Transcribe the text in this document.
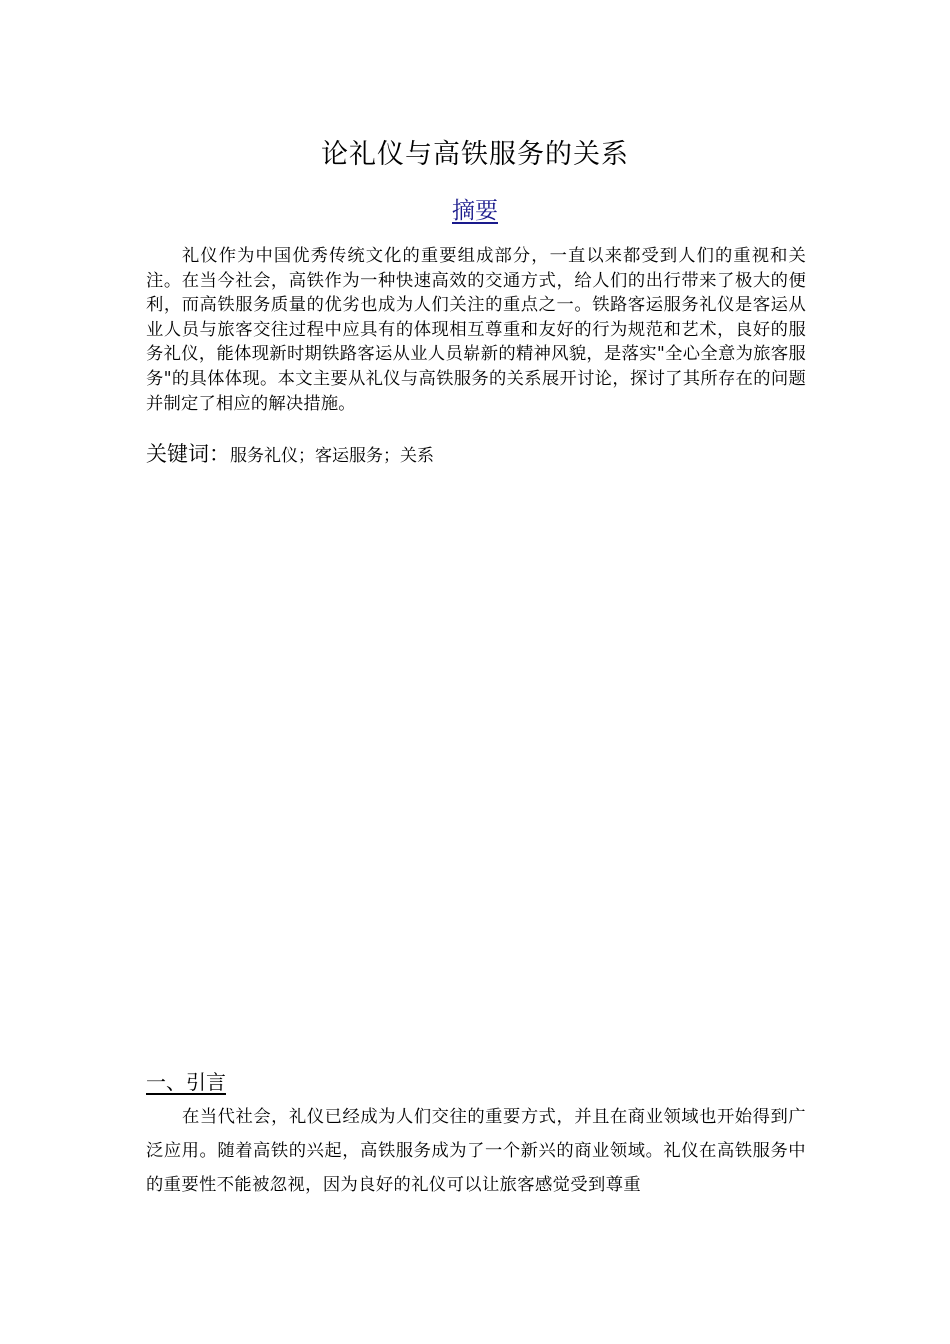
论礼仪与高铁服务的关系
摘要
礼仪作为中国优秀传统文化的重要组成部分，一直以来都受到人们的重视和关注。在当今社会，高铁作为一种快速高效的交通方式，给人们的出行带来了极大的便利，而高铁服务质量的优劣也成为人们关注的重点之一。铁路客运服务礼仪是客运从业人员与旅客交往过程中应具有的体现相互尊重和友好的行为规范和艺术，良好的服务礼仪，能体现新时期铁路客运从业人员崭新的精神风貌，是落实"全心全意为旅客服务"的具体体现。本文主要从礼仪与高铁服务的关系展开讨论，探讨了其所存在的问题并制定了相应的解决措施。
关键词：服务礼仪；客运服务；关系
一、引言
在当代社会，礼仪已经成为人们交往的重要方式，并且在商业领域也开始得到广泛应用。随着高铁的兴起，高铁服务成为了一个新兴的商业领域。礼仪在高铁服务中的重要性不能被忽视，因为良好的礼仪可以让旅客感觉受到尊重
